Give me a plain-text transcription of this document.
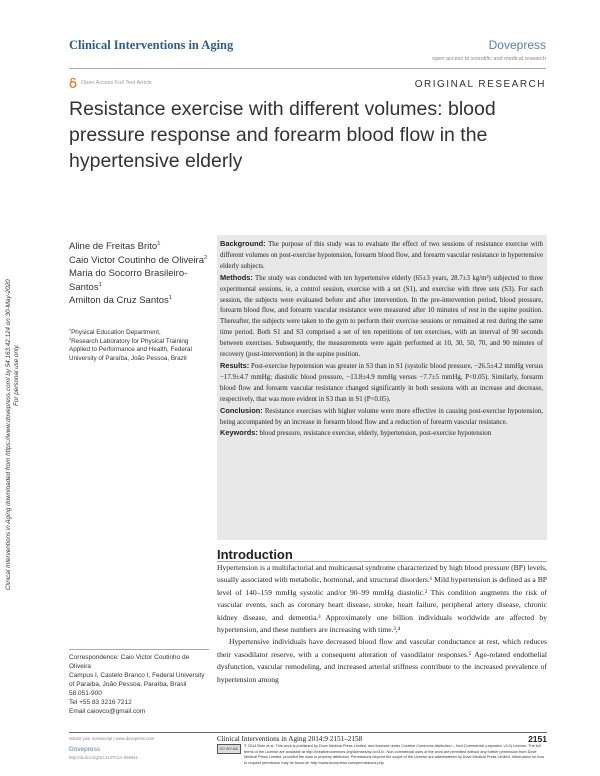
Clinical Interventions in Aging	Dovepress
open access to scientific and medical research
Open Access Full Text Article	ORIGINAL RESEARCH
Resistance exercise with different volumes: blood pressure response and forearm blood flow in the hypertensive elderly
Clinical Interventions in Aging downloaded from https://www.dovepress.com/ by 54.163.42.124 on 30-May-2020 For personal use only.
Aline de Freitas Brito$^1$
Caio Victor Coutinho de Oliveira$^2$
Maria do Socorro Brasileiro-Santos$^1$
Amilton da Cruz Santos$^1$
$^1$Physical Education Department,
$^2$Research Laboratory for Physical Training Applied to Performance and Health, Federal University of Paraíba, João Pessoa, Brazil

Background: The purpose of this study was to evaluate the effect of two sessions of resistance exercise with different volumes on post-exercise hypotension, forearm blood flow, and forearm vascular resistance in hypertensive elderly subjects.

Methods: The study was conducted with ten hypertensive elderly (65±3 years, 28.7±3 kg/m²) subjected to three experimental sessions, ie, a control session, exercise with a set (S1), and exercise with three sets (S3). For each session, the subjects were evaluated before and after intervention. In the pre-intervention period, blood pressure, forearm blood flow, and forearm vascular resistance were measured after 10 minutes of rest in the supine position. Thereafter, the subjects were taken to the gym to perform their exercise sessions or remained at rest during the same time period. Both S1 and S3 comprised a set of ten repetitions of ten exercises, with an interval of 90 seconds between exercises. Subsequently, the measurements were again performed at 10, 30, 50, 70, and 90 minutes of recovery (post-intervention) in the supine position.

Results: Post-exercise hypotension was greater in S3 than in S1 (systolic blood pressure, −26.5±4.2 mmHg versus −17.9±4.7 mmHg; diastolic blood pressure, −13.8±4.9 mmHg versus −7.7±5 mmHg, P<0.05). Similarly, forearm blood flow and forearm vascular resistance changed significantly in both sessions with an increase and decrease, respectively, that was more evident in S3 than in S1 (P<0.05).

Conclusion: Resistance exercises with higher volume were more effective in causing post-exercise hypotension, being accompanied by an increase in forearm blood flow and a reduction of forearm vascular resistance.

Keywords: blood pressure, resistance exercise, elderly, hypertension, post-exercise hypotension

Introduction

Hypertension is a multifactorial and multicausal syndrome characterized by high blood pressure (BP) levels, usually associated with metabolic, hormonal, and structural disorders.¹ Mild hypertension is defined as a BP level of 140–159 mmHg systolic and/or 90–99 mmHg diastolic.² This condition augments the risk of vascular events, such as coronary heart disease, stroke, heart failure, peripheral artery disease, chronic kidney disease, and dementia.³ Approximately one billion individuals worldwide are affected by hypertension, and these numbers are increasing with time.³,⁴

Hypertensive individuals have decreased blood flow and vascular conductance at rest, which reduces their vasodilator reserve, with a consequent alteration of vasodilator responses.⁵ Age-related endothelial dysfunction, vascular remodeling, and increased arterial stiffness contribute to the increased prevalence of hypertension among

Correspondence: Caio Victor Coutinho de Oliveira
Campus I, Castelo Branco I, Federal University of Paraíba, João Pessoa, Paraíba, Brasil 58.051-900
Tel +55 83 3216 7212
Email caiovco@gmail.com
submit your manuscript | www.dovepress.com
Dovepress
http://dx.doi.org/10.2147/CIA.S69441
Clinical Interventions in Aging 2014:9 2151–2158	2151
CC BY-NC	© 2014 Brito et al. This work is published by Dove Medical Press Limited, and licensed under Creative Commons Attribution – Non Commercial (unported, v3.0) License. The full terms of the License are available at http://creativecommons.org/licenses/by-nc/3.0/. Non-commercial uses of the work are permitted without any further permission from Dove Medical Press Limited, provided the work is properly attributed. Permissions beyond the scope of the License are administered by Dove Medical Press Limited. Information on how to request permission may be found at: http://www.dovepress.com/permissions.php
